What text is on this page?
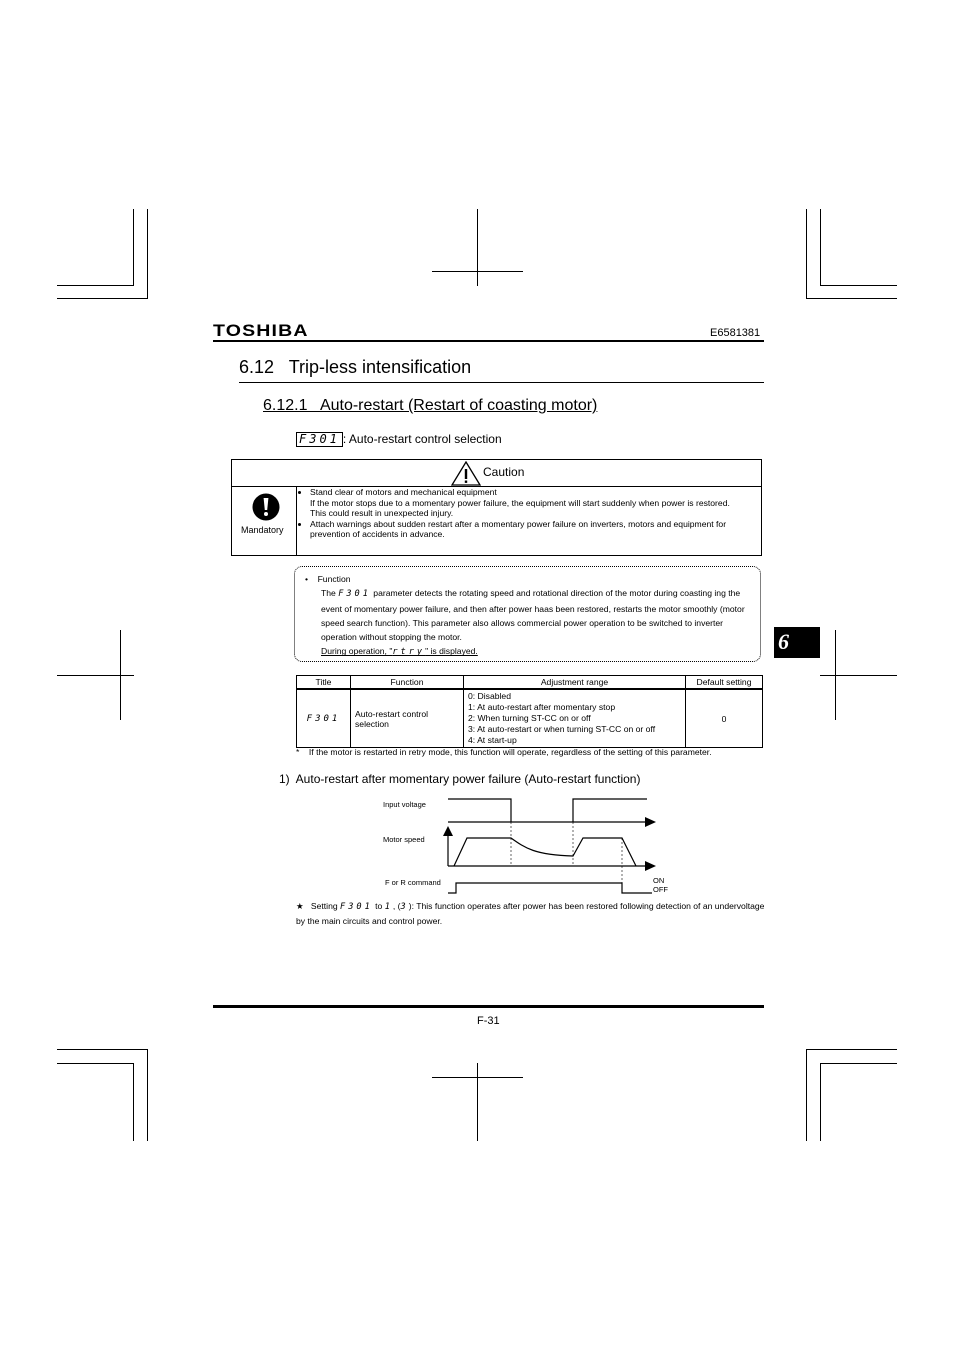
TOSHIBA	E6581381
6.12   Trip-less intensification
6.12.1   Auto-restart (Restart of coasting motor)
F301 : Auto-restart control selection
Caution
Mandatory
• Stand clear of motors and mechanical equipment
If the motor stops due to a momentary power failure, the equipment will start suddenly when power is restored.
This could result in unexpected injury.
• Attach warnings about sudden restart after a momentary power failure on inverters, motors and equipment for prevention of accidents in advance.
•    Function
The F301 parameter detects the rotating speed and rotational direction of the motor during coasting ing the event of momentary power failure, and then after power haas been restored, restarts the motor smoothly (motor speed search function). This parameter also allows commercial power operation to be switched to inverter operation without stopping the motor.
During operation, "rtry" is displayed.	6
Title	Function	Adjustment range	Default setting
F301	Auto-restart control selection	0: Disabled
1: At auto-restart after momentary stop
2: When turning ST-CC on or off
3: At auto-restart or when turning ST-CC on or off
4: At start-up	0
* If the motor is restarted in retry mode, this function will operate, regardless of the setting of this parameter.
1)  Auto-restart after momentary power failure (Auto-restart function)
Input voltage
Motor speed
F or R command	ON
OFF
★ Setting F301 to 1, (3): This function operates after power has been restored following detection of an undervoltage by the main circuits and control power.
F-31
